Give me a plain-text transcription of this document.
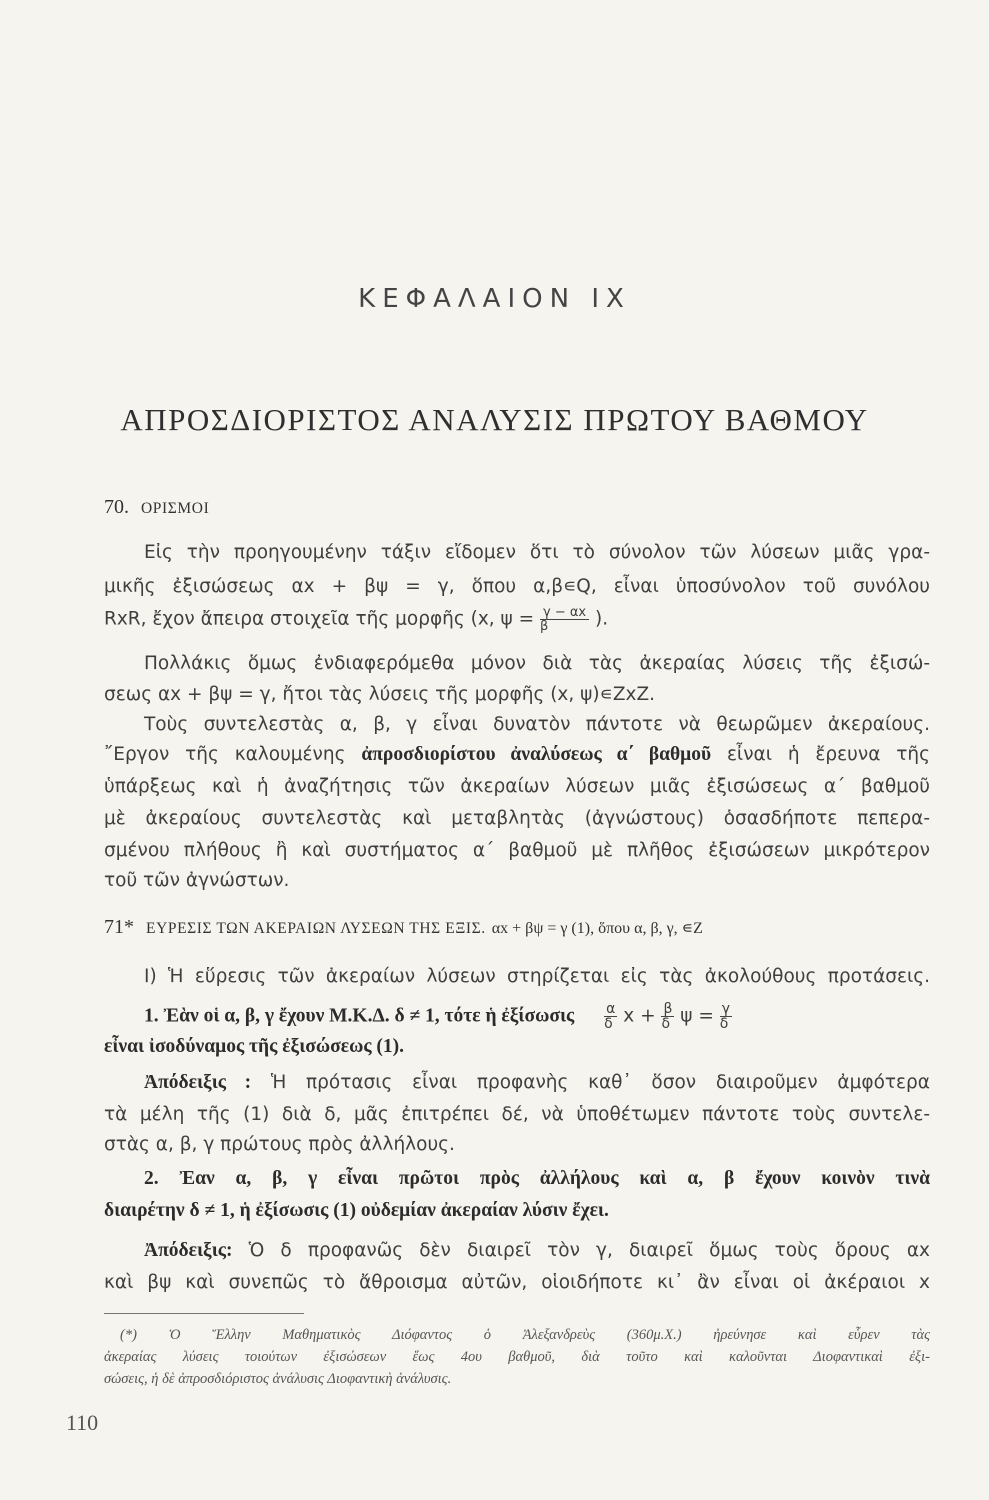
ΚΕΦΑΛΑΙΟΝ IX
ΑΠΡΟΣΔΙΟΡΙΣΤΟΣ ΑΝΑΛΥΣΙΣ ΠΡΩΤΟΥ ΒΑΘΜΟΥ
70. ΟΡΙΣΜΟΙ
Εἰς τὴν προηγουμένην τάξιν εἴδομεν ὅτι τὸ σύνολον τῶν λύσεων μιᾶς γρα-
μικῆς ἐξισώσεως αx + βψ = γ, ὅπου α,β∊Q, εἶναι ὑποσύνολον τοῦ συνόλου
RxR, ἔχον ἄπειρα στοιχεῖα τῆς μορφῆς (x, $\psi = \frac{\gamma - \alpha x}{\beta}$ ).
Πολλάκις ὅμως ἐνδιαφερόμεθα μόνον διὰ τὰς ἀκεραίας λύσεις τῆς ἐξισώ-
σεως αx + βψ = γ, ἤτοι τὰς λύσεις τῆς μορφῆς (x, ψ)∊ZxZ.
Τοὺς συντελεστὰς α, β, γ εἶναι δυνατὸν πάντοτε νὰ θεωρῶμεν ἀκεραίους.
῎Εργον τῆς καλουμένης ἀπροσδιορίστου ἀναλύσεως α΄ βαθμοῦ εἶναι ἡ ἔρευνα τῆς
ὑπάρξεως καὶ ἡ ἀναζήτησις τῶν ἀκεραίων λύσεων μιᾶς ἐξισώσεως α΄ βαθμοῦ
μὲ ἀκεραίους συντελεστὰς καὶ μεταβλητὰς (ἀγνώστους) ὁσασδήποτε πεπερα-
σμένου πλήθους ἢ καὶ συστήματος α΄ βαθμοῦ μὲ πλῆθος ἐξισώσεων μικρότερον
τοῦ τῶν ἀγνώστων.
71* ΕΥΡΕΣΙΣ ΤΩΝ ΑΚΕΡΑΙΩΝ ΛΥΣΕΩΝ ΤΗΣ ΕΞΙΣ. αx + βψ = γ (1), ὅπου α, β, γ, ∊Z
Ι) Ἡ εὕρεσις τῶν ἀκεραίων λύσεων στηρίζεται εἰς τὰς ἀκολούθους προτάσεις.
1. Ἐὰν οἱ α, β, γ ἔχουν Μ.Κ.Δ. δ ≠ 1, τότε ἡ ἐξίσωσις $\frac{\alpha}{\delta}$ $x + \frac{\beta}{\delta}$ $\psi = \frac{\gamma}{\delta}$
εἶναι ἰσοδύναμος τῆς ἐξισώσεως (1).
Ἀπόδειξις : Ἡ πρότασις εἶναι προφανὴς καθ᾽ ὅσον διαιροῦμεν ἀμφότερα
τὰ μέλη τῆς (1) διὰ δ, μᾶς ἐπιτρέπει δέ, νὰ ὑποθέτωμεν πάντοτε τοὺς συντελε-
στὰς α, β, γ πρώτους πρὸς ἀλλήλους.
2. Ἐαν α, β, γ εἶναι πρῶτοι πρὸς ἀλλήλους καὶ α, β ἔχουν κοινὸν τινὰ
διαιρέτην δ ≠ 1, ἡ ἐξίσωσις (1) οὐδεμίαν ἀκεραίαν λύσιν ἔχει.
Ἀπόδειξις: Ὁ δ προφανῶς δὲν διαιρεῖ τὸν γ, διαιρεῖ ὅμως τοὺς ὅρους αx
καὶ βψ καὶ συνεπῶς τὸ ἄθροισμα αὐτῶν, οἱοιδήποτε κι᾽ ἂν εἶναι οἱ ἀκέραιοι x
(*) Ὁ Ἕλλην Μαθηματικὸς Διόφαντος ὁ Ἀλεξανδρεὺς (360μ.Χ.) ἠρεύνησε καὶ εὗρεν τὰς
ἀκεραίας λύσεις τοιούτων ἐξισώσεων ἕως 4ου βαθμοῦ, διὰ τοῦτο καὶ καλοῦνται Διοφαντικαὶ ἐξι-
σώσεις, ἡ δὲ ἀπροσδιόριστος ἀνάλυσις Διοφαντικὴ ἀνάλυσις.
110
